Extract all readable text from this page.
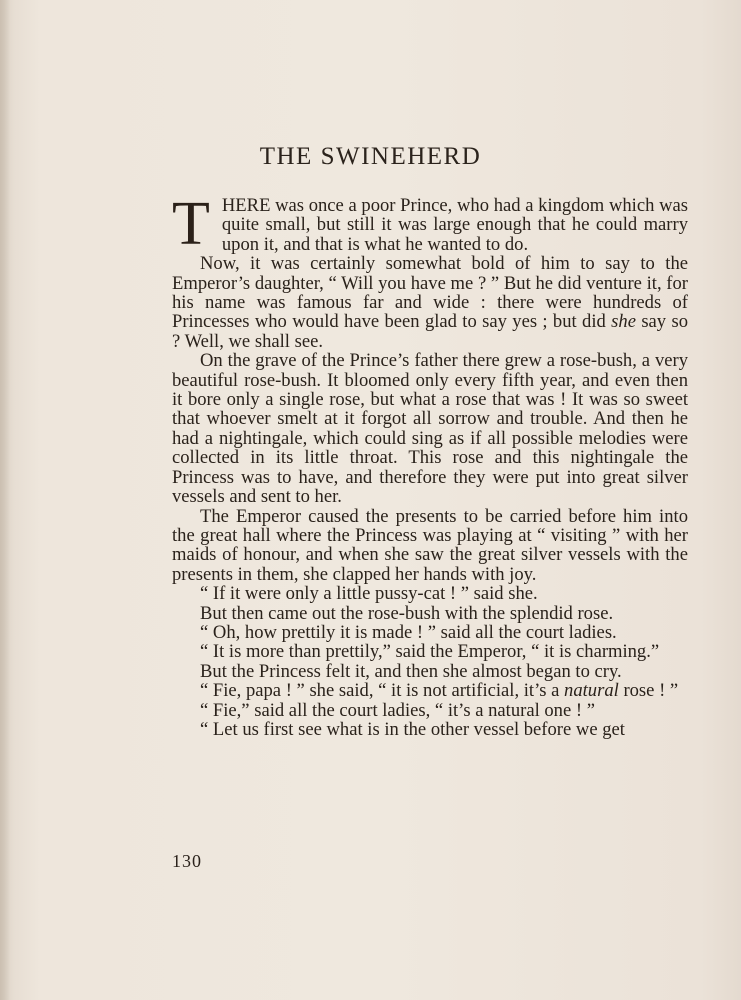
THE SWINEHERD

THERE was once a poor Prince, who had a kingdom which was quite small, but still it was large enough that he could marry upon it, and that is what he wanted to do.

Now, it was certainly somewhat bold of him to say to the Emperor’s daughter, “ Will you have me ? ” But he did venture it, for his name was famous far and wide : there were hundreds of Princesses who would have been glad to say yes ; but did she say so ? Well, we shall see.

On the grave of the Prince’s father there grew a rose-bush, a very beautiful rose-bush. It bloomed only every fifth year, and even then it bore only a single rose, but what a rose that was ! It was so sweet that whoever smelt at it forgot all sorrow and trouble. And then he had a nightingale, which could sing as if all possible melodies were collected in its little throat. This rose and this nightingale the Princess was to have, and therefore they were put into great silver vessels and sent to her.

The Emperor caused the presents to be carried before him into the great hall where the Princess was playing at “ visiting ” with her maids of honour, and when she saw the great silver vessels with the presents in them, she clapped her hands with joy.

“ If it were only a little pussy-cat ! ” said she.

But then came out the rose-bush with the splendid rose.

“ Oh, how prettily it is made ! ” said all the court ladies.

“ It is more than prettily,” said the Emperor, “ it is charming.”

But the Princess felt it, and then she almost began to cry.

“ Fie, papa ! ” she said, “ it is not artificial, it’s a natural rose ! ”

“ Fie,” said all the court ladies, “ it’s a natural one ! ”

“ Let us first see what is in the other vessel before we get

130
